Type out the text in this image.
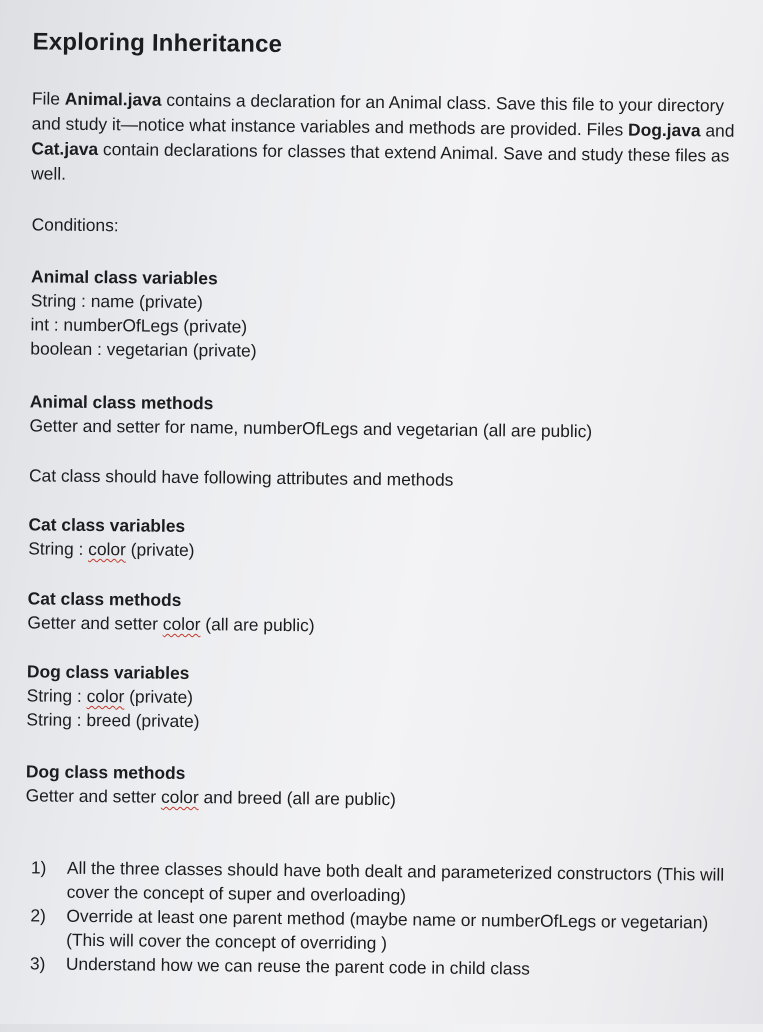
Exploring Inheritance

File Animal.java contains a declaration for an Animal class. Save this file to your directory and study it—notice what instance variables and methods are provided. Files Dog.java and Cat.java contain declarations for classes that extend Animal. Save and study these files as well.

Conditions:
Animal class variables
String : name (private)
int : numberOfLegs (private)
boolean : vegetarian (private)
Animal class methods
Getter and setter for name, numberOfLegs and vegetarian (all are public)
Cat class should have following attributes and methods
Cat class variables
String : color (private)
Cat class methods
Getter and setter color (all are public)
Dog class variables
String : color (private)
String : breed (private)
Dog class methods
Getter and setter color and breed (all are public)
1) All the three classes should have both dealt and parameterized constructors (This will cover the concept of super and overloading)
2) Override at least one parent method (maybe name or numberOfLegs or vegetarian) (This will cover the concept of overriding )
3) Understand how we can reuse the parent code in child class
